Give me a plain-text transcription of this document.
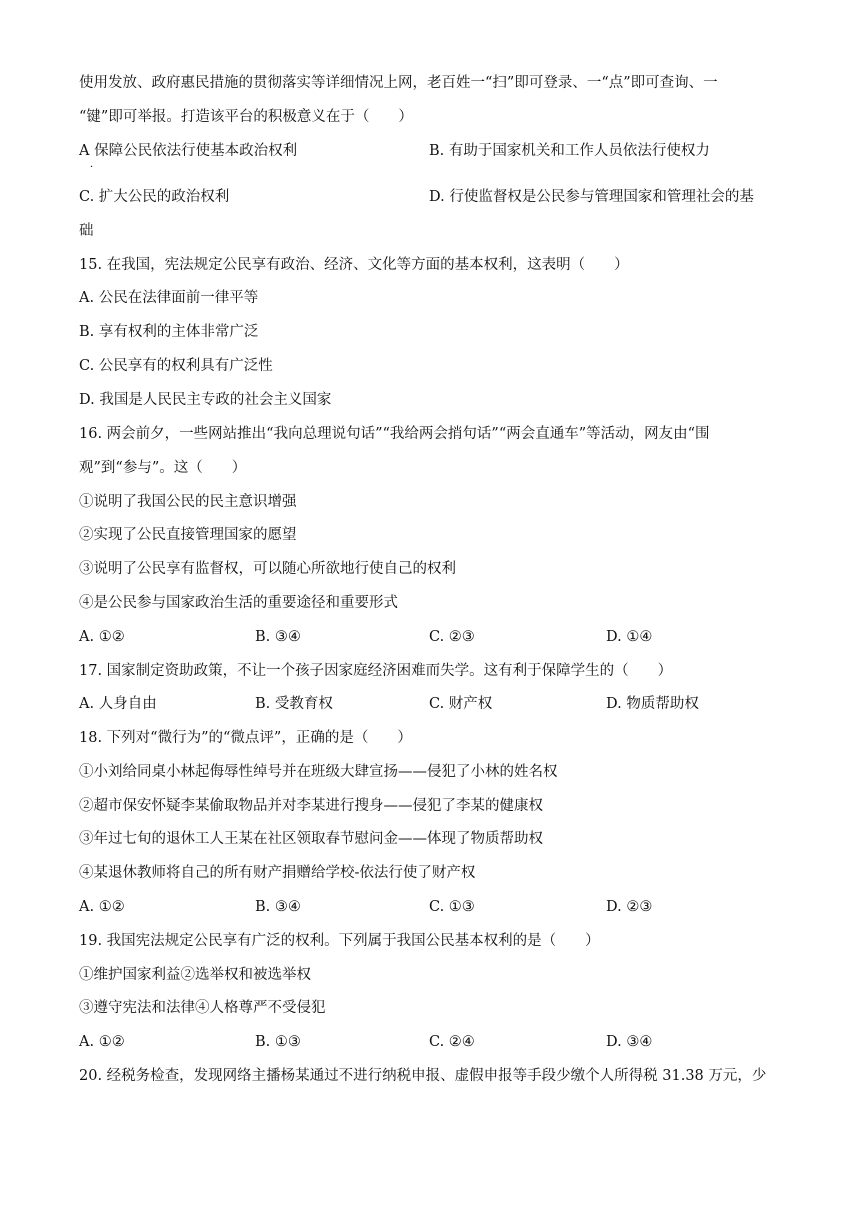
使用发放、政府惠民措施的贯彻落实等详细情况上网，老百姓一“扫”即可登录、一“点”即可查询、一
“键”即可举报。打造该平台的积极意义在于（　　）
A 保障公民依法行使基本政治权利
·
B. 有助于国家机关和工作人员依法行使权力
C. 扩大公民的政治权利	D. 行使监督权是公民参与管理国家和管理社会的基
础
15. 在我国，宪法规定公民享有政治、经济、文化等方面的基本权利，这表明（　　）
A. 公民在法律面前一律平等
B. 享有权利的主体非常广泛
C. 公民享有的权利具有广泛性
D. 我国是人民民主专政的社会主义国家
16. 两会前夕，一些网站推出“我向总理说句话”“我给两会捎句话”“两会直通车”等活动，网友由“围
观”到“参与”。这（　　）
①说明了我国公民的民主意识增强
②实现了公民直接管理国家的愿望
③说明了公民享有监督权，可以随心所欲地行使自己的权利
④是公民参与国家政治生活的重要途径和重要形式
A. ①②	B. ③④	C. ②③	D. ①④
17. 国家制定资助政策，不让一个孩子因家庭经济困难而失学。这有利于保障学生的（　　）
A. 人身自由	B. 受教育权	C. 财产权	D. 物质帮助权
18. 下列对“微行为”的“微点评”，正确的是（　　）
①小刘给同桌小林起侮辱性绰号并在班级大肆宣扬——侵犯了小林的姓名权
②超市保安怀疑李某偷取物品并对李某进行搜身——侵犯了李某的健康权
③年过七旬的退休工人王某在社区领取春节慰问金——体现了物质帮助权
④某退休教师将自己的所有财产捐赠给学校-依法行使了财产权
A. ①②	B. ③④	C. ①③	D. ②③
19. 我国宪法规定公民享有广泛的权利。下列属于我国公民基本权利的是（　　）
①维护国家利益②选举权和被选举权
③遵守宪法和法律④人格尊严不受侵犯
A. ①②	B. ①③	C. ②④	D. ③④
20. 经税务检查，发现网络主播杨某通过不进行纳税申报、虚假申报等手段少缴个人所得税 31.38 万元，少
